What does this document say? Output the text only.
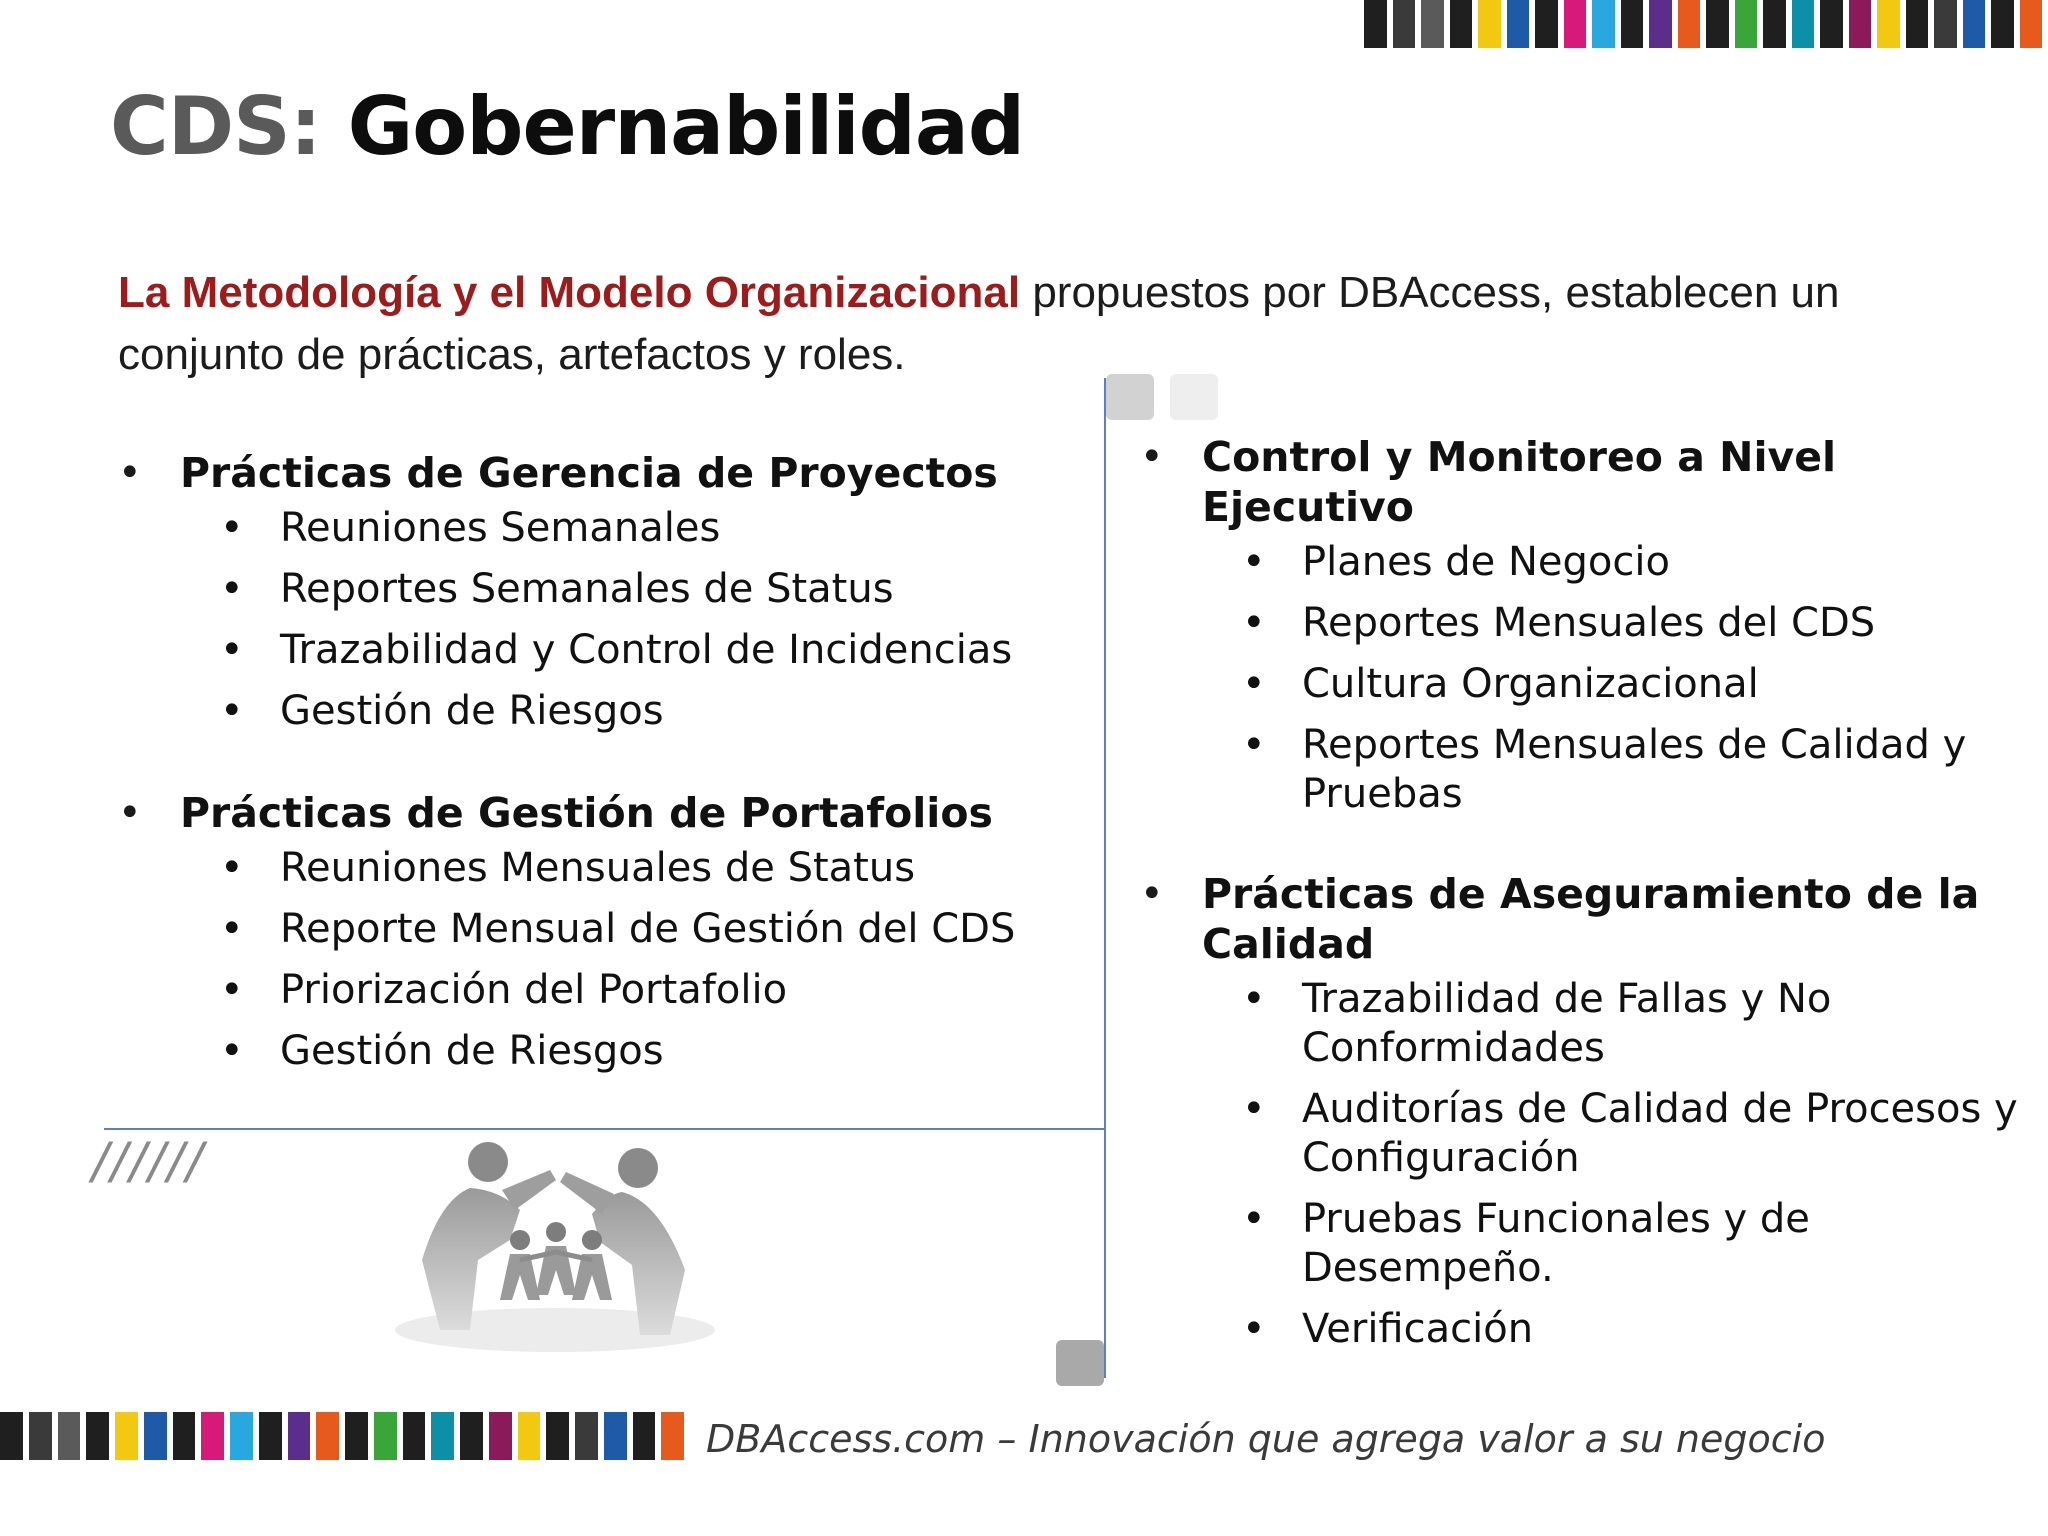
CDS: Gobernabilidad

La Metodología y el Modelo Organizacional propuestos por DBAccess, establecen un conjunto de prácticas, artefactos y roles.

• Prácticas de Gerencia de Proyectos
• Reuniones Semanales
• Reportes Semanales de Status
• Trazabilidad y Control de Incidencias
• Gestión de Riesgos
• Prácticas de Gestión de Portafolios
• Reuniones Mensuales de Status
• Reporte Mensual de Gestión del CDS
• Priorización del Portafolio
• Gestión de Riesgos
• Control y Monitoreo a Nivel Ejecutivo
• Planes de Negocio
• Reportes Mensuales del CDS
• Cultura Organizacional
• Reportes Mensuales de Calidad y Pruebas
• Prácticas de Aseguramiento de la Calidad
• Trazabilidad de Fallas y No Conformidades
• Auditorías de Calidad de Procesos y Configuración
• Pruebas Funcionales y de Desempeño.
• Verificación
//////
DBAccess.com – Innovación que agrega valor a su negocio
